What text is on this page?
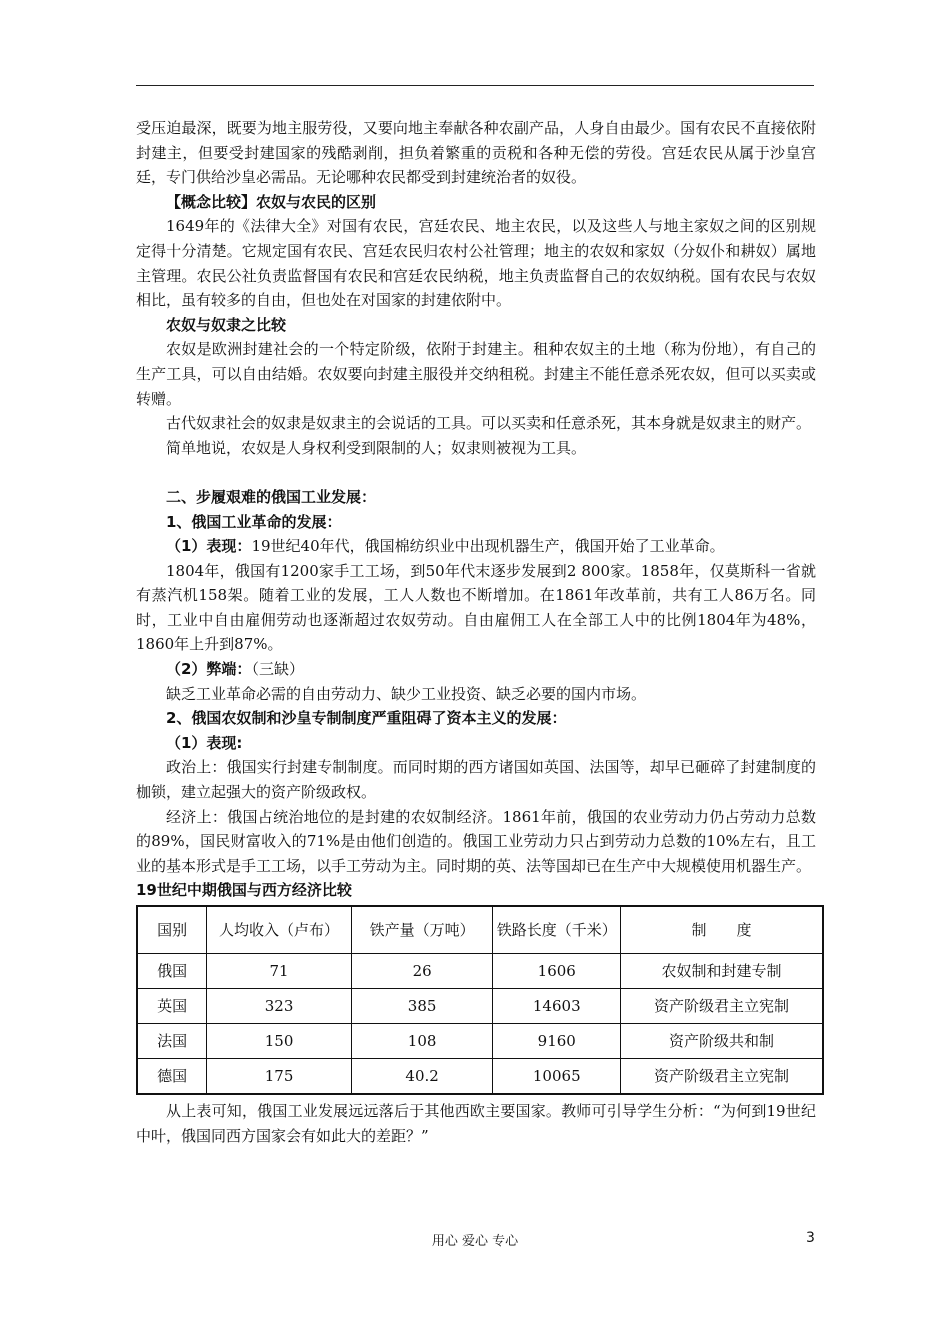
受压迫最深，既要为地主服劳役，又要向地主奉献各种农副产品，人身自由最少。国有农民不直接依附封建主，但要受封建国家的残酷剥削，担负着繁重的贡税和各种无偿的劳役。宫廷农民从属于沙皇宫廷，专门供给沙皇必需品。无论哪种农民都受到封建统治者的奴役。

【概念比较】农奴与农民的区别

1649年的《法律大全》对国有农民，宫廷农民、地主农民，以及这些人与地主家奴之间的区别规定得十分清楚。它规定国有农民、宫廷农民归农村公社管理；地主的农奴和家奴（分奴仆和耕奴）属地主管理。农民公社负责监督国有农民和宫廷农民纳税，地主负责监督自己的农奴纳税。国有农民与农奴相比，虽有较多的自由，但也处在对国家的封建依附中。

农奴与奴隶之比较

农奴是欧洲封建社会的一个特定阶级，依附于封建主。租种农奴主的土地（称为份地），有自己的生产工具，可以自由结婚。农奴要向封建主服役并交纳租税。封建主不能任意杀死农奴，但可以买卖或转赠。

古代奴隶社会的奴隶是奴隶主的会说话的工具。可以买卖和任意杀死，其本身就是奴隶主的财产。

简单地说，农奴是人身权利受到限制的人；奴隶则被视为工具。

二、步履艰难的俄国工业发展：

1、俄国工业革命的发展：

（1）表现：19世纪40年代，俄国棉纺织业中出现机器生产，俄国开始了工业革命。

1804年，俄国有1200家手工工场，到50年代末逐步发展到2 800家。1858年，仅莫斯科一省就有蒸汽机158架。随着工业的发展，工人人数也不断增加。在1861年改革前，共有工人86万名。同时，工业中自由雇佣劳动也逐渐超过农奴劳动。自由雇佣工人在全部工人中的比例1804年为48%，1860年上升到87%。

（2）弊端：（三缺）

缺乏工业革命必需的自由劳动力、缺少工业投资、缺乏必要的国内市场。

2、俄国农奴制和沙皇专制制度严重阻碍了资本主义的发展：

（1）表现:

政治上：俄国实行封建专制制度。而同时期的西方诸国如英国、法国等，却早已砸碎了封建制度的枷锁，建立起强大的资产阶级政权。

经济上：俄国占统治地位的是封建的农奴制经济。1861年前，俄国的农业劳动力仍占劳动力总数的89%，国民财富收入的71%是由他们创造的。俄国工业劳动力只占到劳动力总数的10%左右，且工业的基本形式是手工工场，以手工劳动为主。同时期的英、法等国却已在生产中大规模使用机器生产。

19世纪中期俄国与西方经济比较

国别	人均收入（卢布）	铁产量（万吨）	铁路长度（千米）	制　　度
俄国	71	26	1606	农奴制和封建专制
英国	323	385	14603	资产阶级君主立宪制
法国	150	108	9160	资产阶级共和制
德国	175	40.2	10065	资产阶级君主立宪制

从上表可知，俄国工业发展远远落后于其他西欧主要国家。教师可引导学生分析：“为何到19世纪中叶，俄国同西方国家会有如此大的差距？”

用心 爱心 专心	3
